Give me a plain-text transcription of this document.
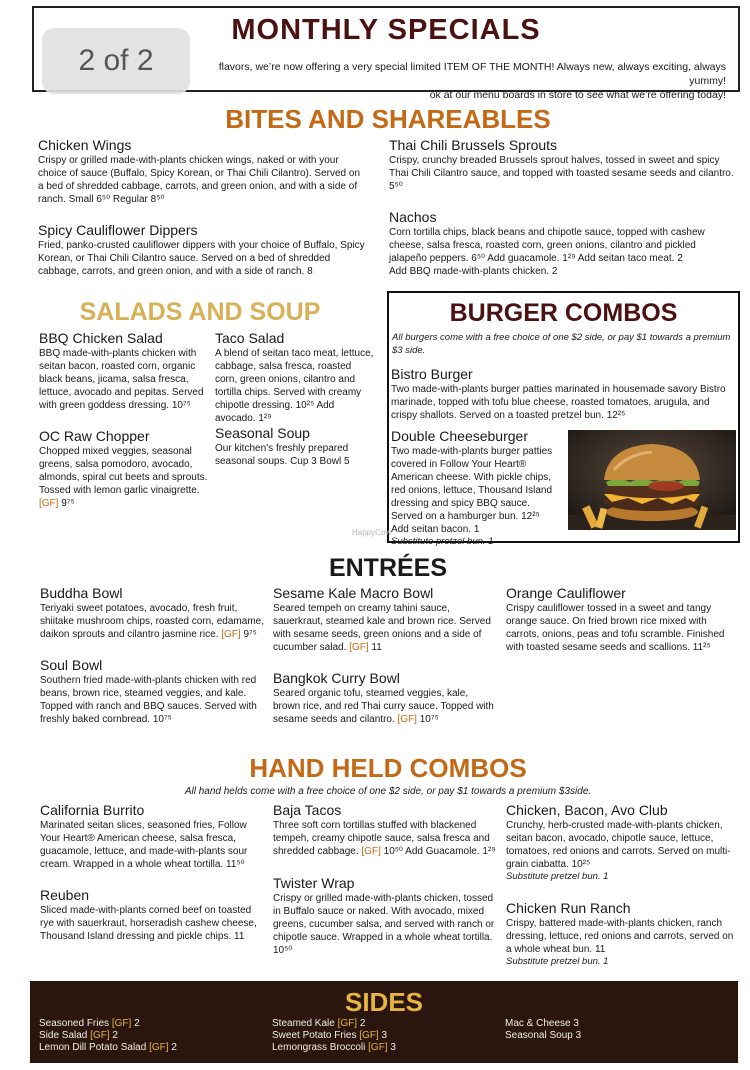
MONTHLY SPECIALS

flavors, we’re now offering a very special limited ITEM OF THE MONTH! Always new, always exciting, always yummy!
ok at our menu boards in store to see what we’re offering today!

2 of 2
BITES AND SHAREABLES
Chicken Wings
Crispy or grilled made-with-plants chicken wings, naked or with your choice of sauce (Buffalo, Spicy Korean, or Thai Chili Cilantro). Served on a bed of shredded cabbage, carrots, and green onion, and with a side of ranch. Small 6⁵⁰ Regular 8⁵⁰
Spicy Cauliflower Dippers
Fried, panko-crusted cauliflower dippers with your choice of Buffalo, Spicy Korean, or Thai Chili Cilantro sauce. Served on a bed of shredded cabbage, carrots, and green onion, and with a side of ranch. 8
Thai Chili Brussels Sprouts
Crispy, crunchy breaded Brussels sprout halves, tossed in sweet and spicy Thai Chili Cilantro sauce, and topped with toasted sesame seeds and cilantro. 5⁵⁰
Nachos
Corn tortilla chips, black beans and chipotle sauce, topped with cashew cheese, salsa fresca, roasted corn, green onions, cilantro and pickled jalapeño peppers. 6⁵⁰ Add guacamole. 1²⁹ Add seitan taco meat. 2
Add BBQ made-with-plants chicken. 2
SALADS AND SOUP
BBQ Chicken Salad
BBQ made-with-plants chicken with seitan bacon, roasted corn, organic black beans, jicama, salsa fresca, lettuce, avocado and pepitas. Served with green goddess dressing. 10⁷⁵
OC Raw Chopper
Chopped mixed veggies, seasonal greens, salsa pomodoro, avocado, almonds, spiral cut beets and sprouts. Tossed with lemon garlic vinaigrette. [GF] 9⁷⁵
Taco Salad
A blend of seitan taco meat, lettuce, cabbage, salsa fresca, roasted corn, green onions, cilantro and tortilla chips. Served with creamy chipotle dressing. 10²⁵ Add avocado. 1²⁹
Seasonal Soup
Our kitchen’s freshly prepared seasonal soups. Cup 3 Bowl 5
BURGER COMBOS
All burgers come with a free choice of one $2 side, or pay $1 towards a premium $3 side.
Bistro Burger
Two made-with-plants burger patties marinated in housemade savory Bistro marinade, topped with tofu blue cheese, roasted tomatoes, arugula, and crispy shallots. Served on a toasted pretzel bun. 12²⁵
Double Cheeseburger
Two made-with-plants burger patties covered in Follow Your Heart® American cheese. With pickle chips, red onions, lettuce, Thousand Island dressing and spicy BBQ sauce. Served on a hamburger bun. 12²⁵
Add seitan bacon. 1
Substitute pretzel bun. 1
ENTRÉES
Buddha Bowl
Teriyaki sweet potatoes, avocado, fresh fruit, shiitake mushroom chips, roasted corn, edamame, daikon sprouts and cilantro jasmine rice. [GF] 9⁷⁵
Soul Bowl
Southern fried made-with-plants chicken with red beans, brown rice, steamed veggies, and kale. Topped with ranch and BBQ sauces. Served with freshly baked cornbread. 10⁷⁵
Sesame Kale Macro Bowl
Seared tempeh on creamy tahini sauce, sauerkraut, steamed kale and brown rice. Served with sesame seeds, green onions and a side of cucumber salad. [GF] 11
Bangkok Curry Bowl
Seared organic tofu, steamed veggies, kale, brown rice, and red Thai curry sauce. Topped with sesame seeds and cilantro. [GF] 10⁷⁵
Orange Cauliflower
Crispy cauliflower tossed in a sweet and tangy orange sauce. On fried brown rice mixed with carrots, onions, peas and tofu scramble. Finished with toasted sesame seeds and scallions. 11²⁵
HAND HELD COMBOS
All hand helds come with a free choice of one $2 side, or pay $1 towards a premium $3side.
California Burrito
Marinated seitan slices, seasoned fries, Follow Your Heart® American cheese, salsa fresca, guacamole, lettuce, and made-with-plants sour cream. Wrapped in a whole wheat tortilla. 11⁵⁰
Reuben
Sliced made-with-plants corned beef on toasted rye with sauerkraut, horseradish cashew cheese, Thousand Island dressing and pickle chips. 11
Baja Tacos
Three soft corn tortillas stuffed with blackened tempeh, creamy chipotle sauce, salsa fresca and shredded cabbage. [GF] 10⁵⁰ Add Guacamole. 1²⁹
Twister Wrap
Crispy or grilled made-with-plants chicken, tossed in Buffalo sauce or naked. With avocado, mixed greens, cucumber salsa, and served with ranch or chipotle sauce. Wrapped in a whole wheat tortilla. 10⁵⁰
Chicken, Bacon, Avo Club
Crunchy, herb-crusted made-with-plants chicken, seitan bacon, avocado, chipotle sauce, lettuce, tomatoes, red onions and carrots. Served on multi-grain ciabatta. 10²⁵
Substitute pretzel bun. 1
Chicken Run Ranch
Crispy, battered made-with-plants chicken, ranch dressing, lettuce, red onions and carrots, served on a whole wheat bun. 11
Substitute pretzel bun. 1
SIDES
Seasoned Fries [GF] 2
Side Salad [GF] 2
Lemon Dill Potato Salad [GF] 2
Steamed Kale [GF] 2
Sweet Potato Fries [GF] 3
Lemongrass Broccoli [GF] 3
Mac & Cheese 3
Seasonal Soup 3
HappyCow
